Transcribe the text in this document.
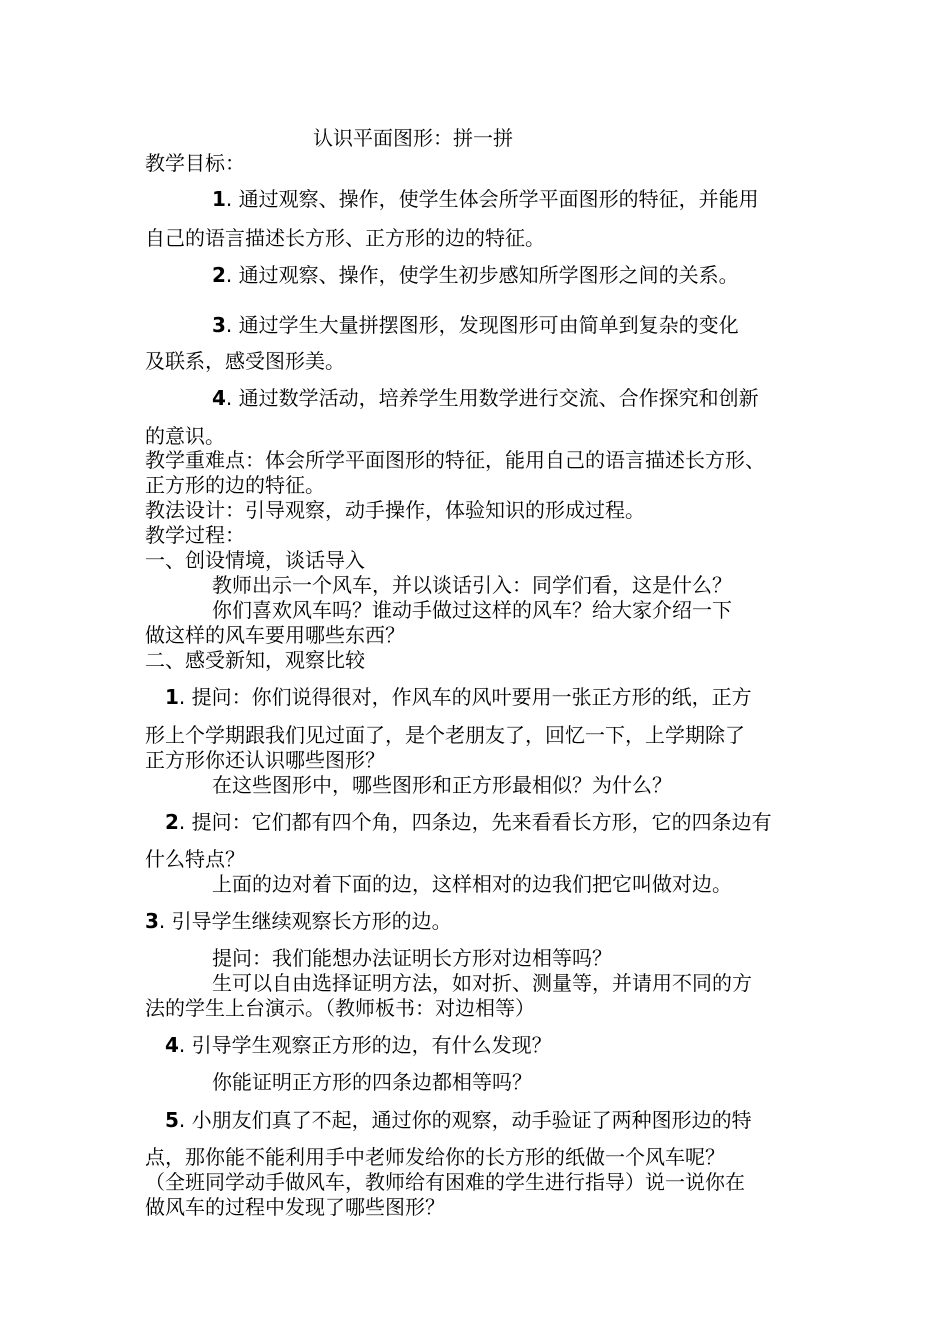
认识平面图形：拼一拼
教学目标：
1. 通过观察、操作，使学生体会所学平面图形的特征，并能用
自己的语言描述长方形、正方形的边的特征。
2. 通过观察、操作，使学生初步感知所学图形之间的关系。
3. 通过学生大量拼摆图形，发现图形可由简单到复杂的变化
及联系，感受图形美。
4. 通过数学活动，培养学生用数学进行交流、合作探究和创新
的意识。
教学重难点：体会所学平面图形的特征，能用自己的语言描述长方形、
正方形的边的特征。
教法设计：引导观察，动手操作，体验知识的形成过程。
教学过程：
一、创设情境，谈话导入
教师出示一个风车，并以谈话引入：同学们看，这是什么？
你们喜欢风车吗？谁动手做过这样的风车？给大家介绍一下
做这样的风车要用哪些东西？
二、感受新知，观察比较
1. 提问：你们说得很对，作风车的风叶要用一张正方形的纸，正方
形上个学期跟我们见过面了，是个老朋友了，回忆一下，上学期除了
正方形你还认识哪些图形？
在这些图形中，哪些图形和正方形最相似？为什么？
2. 提问：它们都有四个角，四条边，先来看看长方形，它的四条边有
什么特点？
上面的边对着下面的边，这样相对的边我们把它叫做对边。
3. 引导学生继续观察长方形的边。
提问：我们能想办法证明长方形对边相等吗？
生可以自由选择证明方法，如对折、测量等，并请用不同的方
法的学生上台演示。（教师板书：对边相等）
4. 引导学生观察正方形的边，有什么发现？
你能证明正方形的四条边都相等吗？
5. 小朋友们真了不起，通过你的观察，动手验证了两种图形边的特
点，那你能不能利用手中老师发给你的长方形的纸做一个风车呢？
（全班同学动手做风车，教师给有困难的学生进行指导）说一说你在
做风车的过程中发现了哪些图形？
